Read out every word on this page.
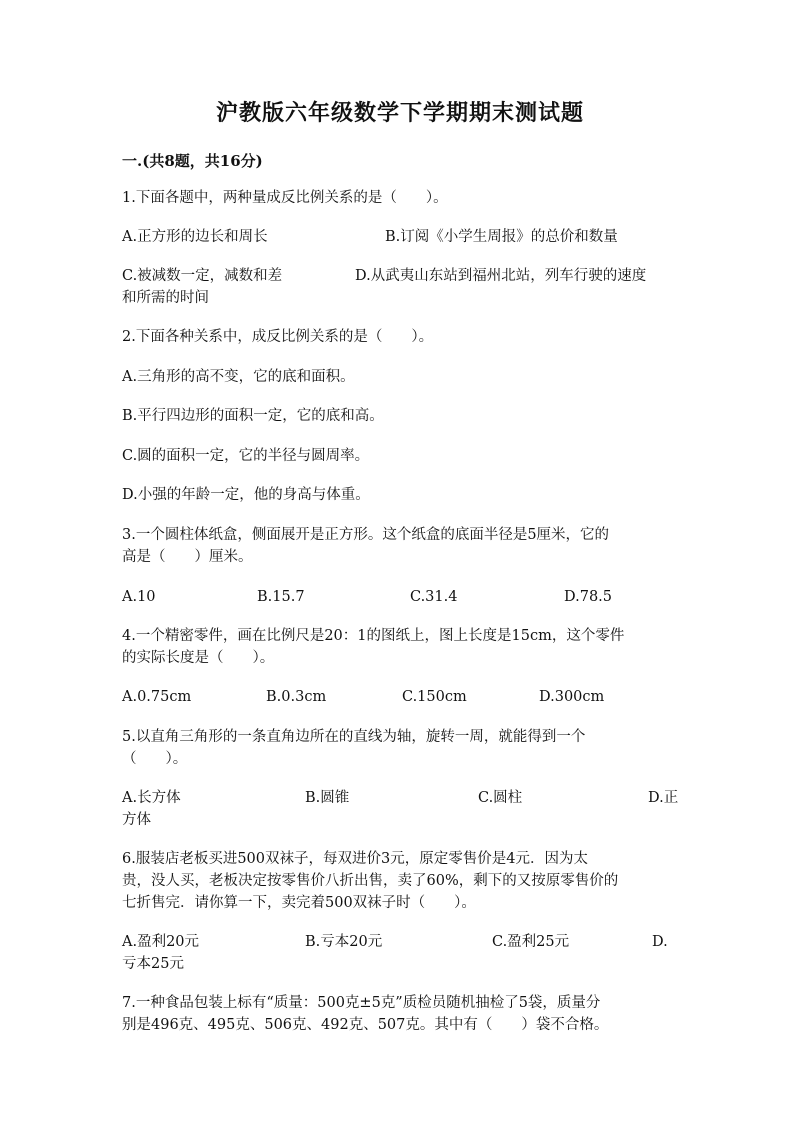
沪教版六年级数学下学期期末测试题
一.(共8题，共16分)
1.下面各题中，两种量成反比例关系的是（　　）。
A.正方形的边长和周长	B.订阅《小学生周报》的总价和数量
C.被减数一定，减数和差	D.从武夷山东站到福州北站，列车行驶的速度
和所需的时间
2.下面各种关系中，成反比例关系的是（　　）。
A.三角形的高不变，它的底和面积。
B.平行四边形的面积一定，它的底和高。
C.圆的面积一定，它的半径与圆周率。
D.小强的年龄一定，他的身高与体重。
3.一个圆柱体纸盒，侧面展开是正方形。这个纸盒的底面半径是5厘米，它的
高是（　　）厘米。
A.10	B.15.7	C.31.4	D.78.5
4.一个精密零件，画在比例尺是20：1的图纸上，图上长度是15cm，这个零件
的实际长度是（　　）。
A.0.75cm	B.0.3cm	C.150cm	D.300cm
5.以直角三角形的一条直角边所在的直线为轴，旋转一周，就能得到一个
（　　）。
A.长方体	B.圆锥	C.圆柱	D.正
方体
6.服装店老板买进500双袜子，每双进价3元，原定零售价是4元．因为太
贵，没人买，老板决定按零售价八折出售，卖了60%，剩下的又按原零售价的
七折售完．请你算一下，卖完着500双袜子时（　　）。
A.盈利20元	B.亏本20元	C.盈利25元	D.
亏本25元
7.一种食品包装上标有“质量：500克±5克”质检员随机抽检了5袋，质量分
别是496克、495克、506克、492克、507克。其中有（　　）袋不合格。
